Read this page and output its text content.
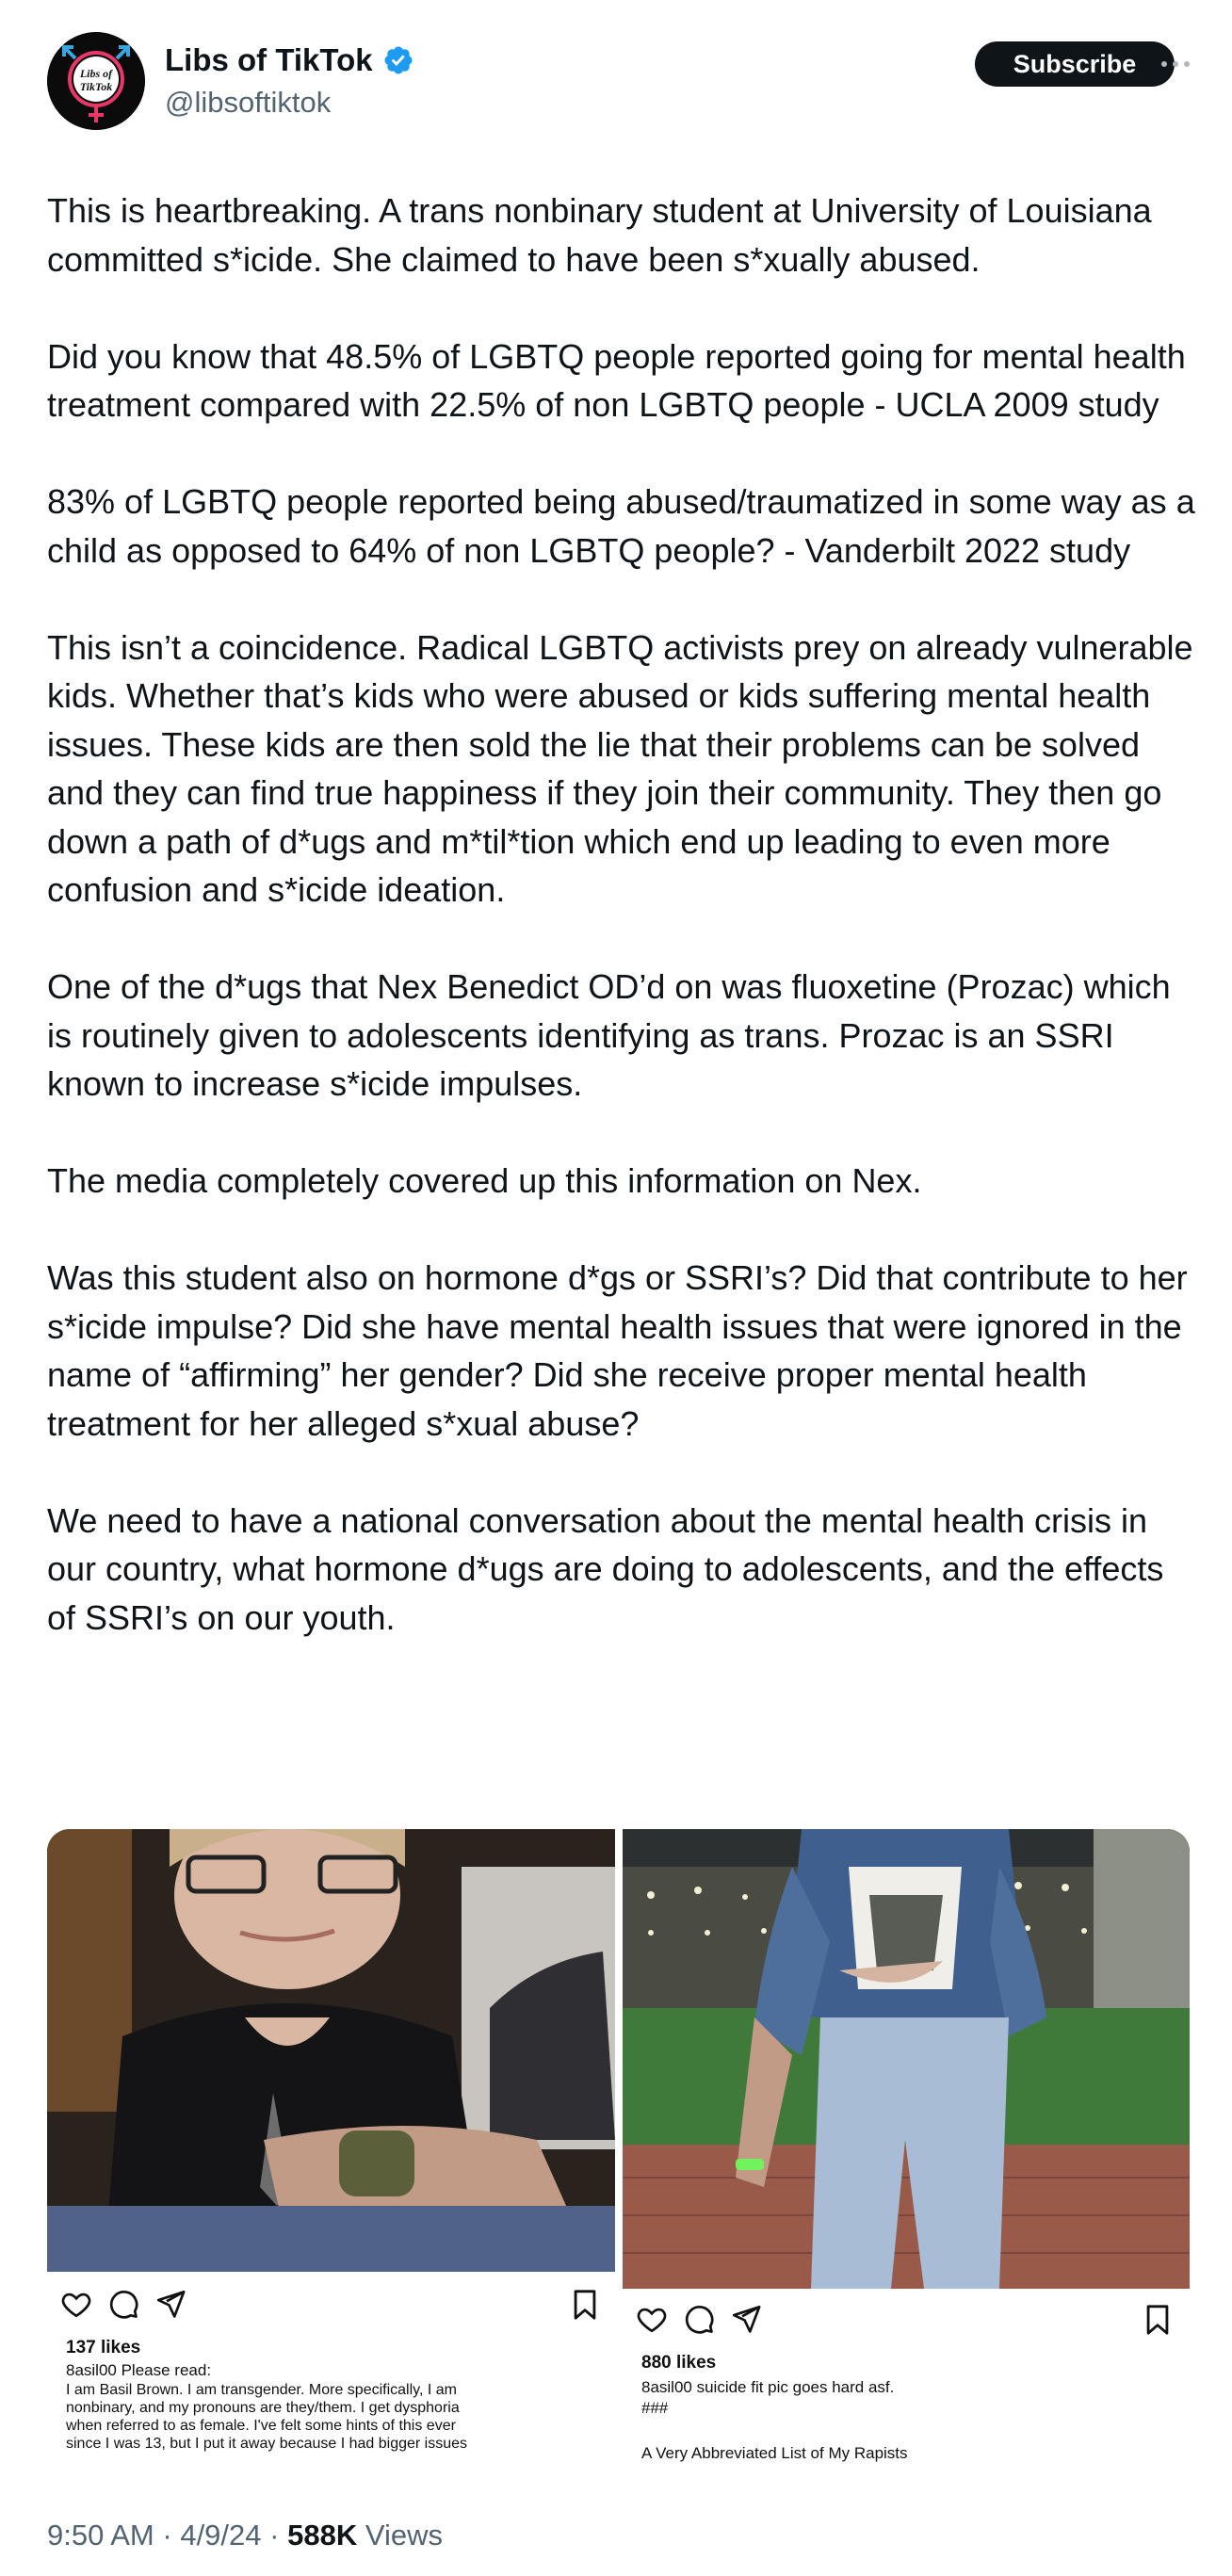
Libs of
TikTok
Libs of TikTok
@libsoftiktok
Subscribe

This is heartbreaking. A trans nonbinary student at University of Louisiana committed s*icide. She claimed to have been s*xually abused.

Did you know that 48.5% of LGBTQ people reported going for mental health treatment compared with 22.5% of non LGBTQ people - UCLA 2009 study

83% of LGBTQ people reported being abused/traumatized in some way as a child as opposed to 64% of non LGBTQ people? - Vanderbilt 2022 study

This isn’t a coincidence. Radical LGBTQ activists prey on already vulnerable kids. Whether that’s kids who were abused or kids suffering mental health issues. These kids are then sold the lie that their problems can be solved and they can find true happiness if they join their community. They then go down a path of d*ugs and m*til*tion which end up leading to even more confusion and s*icide ideation.

One of the d*ugs that Nex Benedict OD’d on was fluoxetine (Prozac) which is routinely given to adolescents identifying as trans. Prozac is an SSRI known to increase s*icide impulses.

The media completely covered up this information on Nex.

Was this student also on hormone d*gs or SSRI’s? Did that contribute to her s*icide impulse? Did she have mental health issues that were ignored in the name of “affirming” her gender? Did she receive proper mental health treatment for her alleged s*xual abuse?

We need to have a national conversation about the mental health crisis in our country, what hormone d*ugs are doing to adolescents, and the effects of SSRI’s on our youth.

137 likes
8asil00 Please read:
I am Basil Brown. I am transgender. More specifically, I am
nonbinary, and my pronouns are they/them. I get dysphoria
when referred to as female. I've felt some hints of this ever
since I was 13, but I put it away because I had bigger issues
880 likes
8asil00 suicide fit pic goes hard asf.
###
A Very Abbreviated List of My Rapists
9:50 AM · 4/9/24 · 588K Views
